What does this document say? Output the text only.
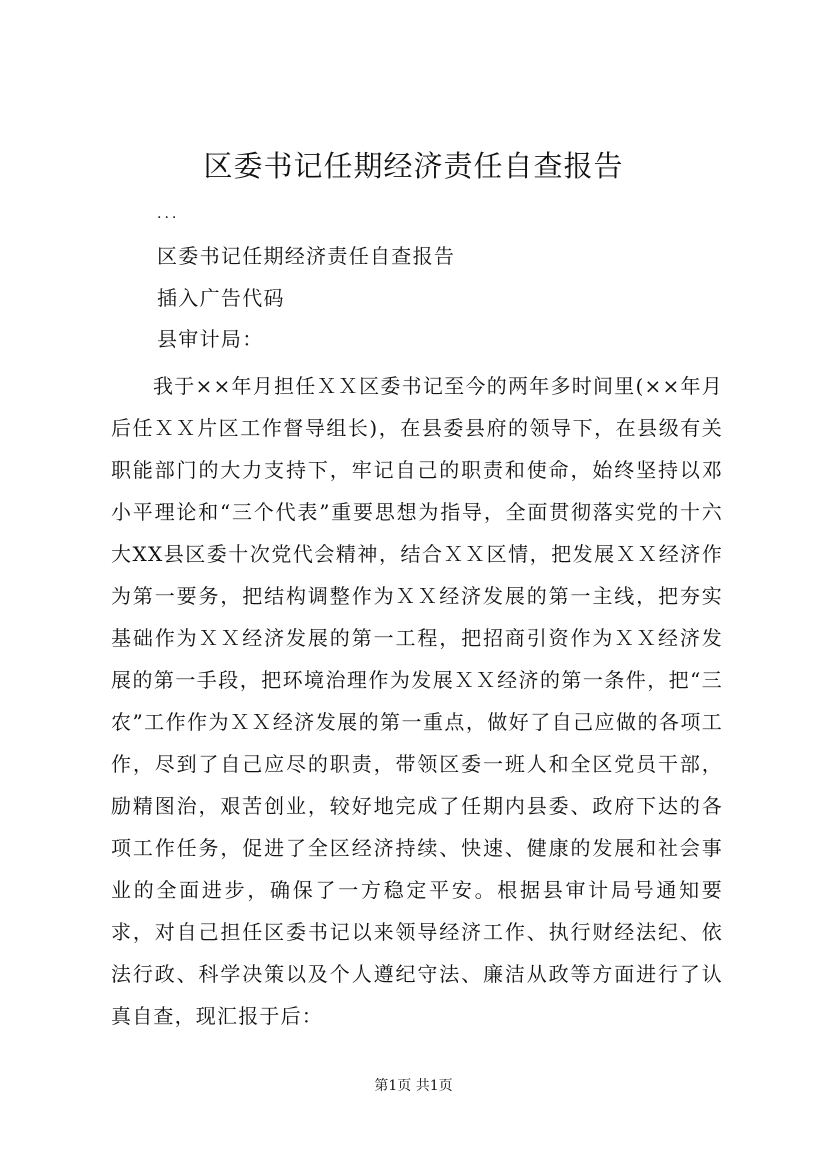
区委书记任期经济责任自查报告
...
区委书记任期经济责任自查报告
插入广告代码
县审计局：

我于××年月担任ＸＸ区委书记至今的两年多时间里(××年月后任ＸＸ片区工作督导组长)，在县委县府的领导下，在县级有关职能部门的大力支持下，牢记自己的职责和使命，始终坚持以邓小平理论和“三个代表”重要思想为指导，全面贯彻落实党的十六大XX县区委十次党代会精神，结合ＸＸ区情，把发展ＸＸ经济作为第一要务，把结构调整作为ＸＸ经济发展的第一主线，把夯实基础作为ＸＸ经济发展的第一工程，把招商引资作为ＸＸ经济发展的第一手段，把环境治理作为发展ＸＸ经济的第一条件，把“三农”工作作为ＸＸ经济发展的第一重点，做好了自己应做的各项工作，尽到了自己应尽的职责，带领区委一班人和全区党员干部，励精图治，艰苦创业，较好地完成了任期内县委、政府下达的各项工作任务，促进了全区经济持续、快速、健康的发展和社会事业的全面进步，确保了一方稳定平安。根据县审计局号通知要求，对自己担任区委书记以来领导经济工作、执行财经法纪、依法行政、科学决策以及个人遵纪守法、廉洁从政等方面进行了认真自查，现汇报于后：

第1页 共1页
